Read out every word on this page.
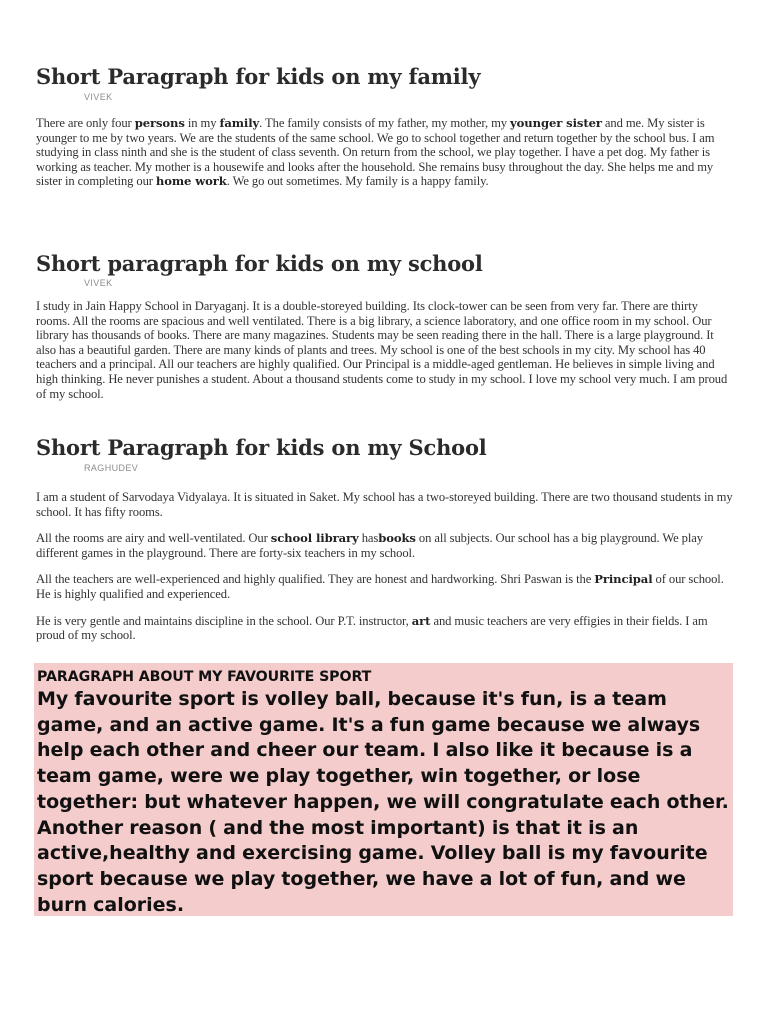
Short Paragraph for kids on my family
VIVEK

There are only four persons in my family. The family consists of my father, my mother, my younger sister and me. My sister is younger to me by two years. We are the students of the same school. We go to school together and return together by the school bus. I am studying in class ninth and she is the student of class seventh. On return from the school, we play together. I have a pet dog. My father is working as teacher. My mother is a housewife and looks after the household. She remains busy throughout the day. She helps me and my sister in completing our home work. We go out sometimes. My family is a happy family.

Short paragraph for kids on my school
VIVEK

I study in Jain Happy School in Daryaganj. It is a double-storeyed building. Its clock-tower can be seen from very far. There are thirty rooms. All the rooms are spacious and well ventilated. There is a big library, a science laboratory, and one office room in my school. Our library has thousands of books. There are many magazines. Students may be seen reading there in the hall. There is a large playground. It also has a beautiful garden. There are many kinds of plants and trees. My school is one of the best schools in my city. My school has 40 teachers and a principal. All our teachers are highly qualified. Our Principal is a middle-aged gentleman. He believes in simple living and high thinking. He never punishes a student. About a thousand students come to study in my school. I love my school very much. I am proud of my school.

Short Paragraph for kids on my School
RAGHUDEV

I am a student of Sarvodaya Vidyalaya. It is situated in Saket. My school has a two-storeyed building. There are two thousand students in my school. It has fifty rooms.

All the rooms are airy and well-ventilated. Our school library hasbooks on all subjects. Our school has a big playground. We play different games in the playground. There are forty-six teachers in my school.

All the teachers are well-experienced and highly qualified. They are honest and hardworking. Shri Paswan is the Principal of our school. He is highly qualified and experienced.

He is very gentle and maintains discipline in the school. Our P.T. instructor, art and music teachers are very effigies in their fields. I am proud of my school.

PARAGRAPH ABOUT MY FAVOURITE SPORT

My favourite sport is volley ball, because it's fun, is a team game, and an active game. It's a fun game because we always help each other and cheer our team. I also like it because is a team game, were we play together, win together, or lose together: but whatever happen, we will congratulate each other. Another reason ( and the most important) is that it is an active,healthy and exercising game. Volley ball is my favourite sport because we play together, we have a lot of fun, and we burn calories.
